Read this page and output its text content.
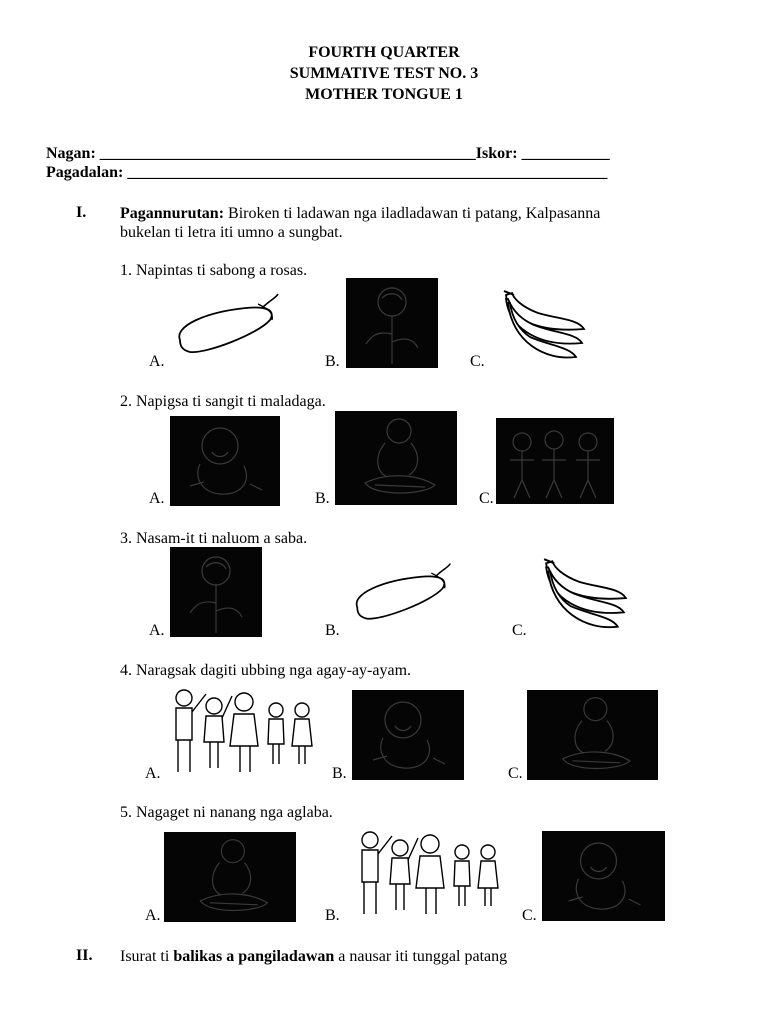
FOURTH QUARTER
SUMMATIVE TEST NO. 3
MOTHER TONGUE 1
Nagan: _______________________________________________Iskor: ___________
Pagadalan: ____________________________________________________________
I. Pagannurutan: Biroken ti ladawan nga iladladawan ti patang, Kalpasanna
bukelan ti letra iti umno a sungbat.
1. Napintas ti sabong a rosas.
A.	B.	C.
2. Napigsa ti sangit ti maladaga.
A.	B.	C.
3. Nasam-it ti naluom a saba.
A.	B.	C.
4. Naragsak dagiti ubbing nga agay-ay-ayam.
A.	B.	C.
5. Nagaget ni nanang nga aglaba.
A.	B.	C.
II. Isurat ti balikas a pangiladawan a nausar iti tunggal patang
